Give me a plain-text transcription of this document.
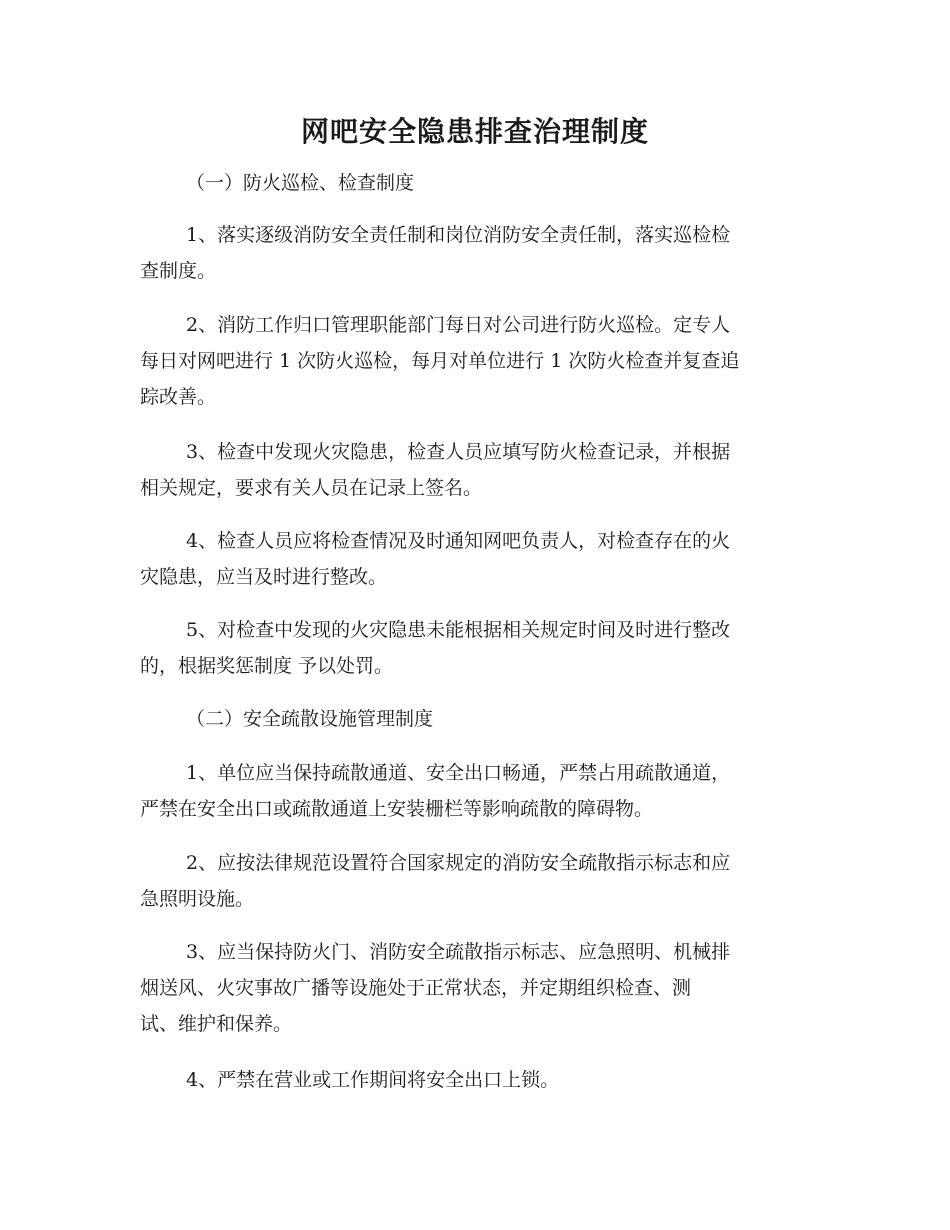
网吧安全隐患排查治理制度
（一）防火巡检、检查制度
1、落实逐级消防安全责任制和岗位消防安全责任制，落实巡检检
查制度。
2、消防工作归口管理职能部门每日对公司进行防火巡检。定专人
每日对网吧进行 1 次防火巡检，每月对单位进行 1 次防火检查并复查追
踪改善。
3、检查中发现火灾隐患，检查人员应填写防火检查记录，并根据
相关规定，要求有关人员在记录上签名。
4、检查人员应将检查情况及时通知网吧负责人，对检查存在的火
灾隐患，应当及时进行整改。
5、对检查中发现的火灾隐患未能根据相关规定时间及时进行整改
的，根据奖惩制度 予以处罚。
（二）安全疏散设施管理制度
1、单位应当保持疏散通道、安全出口畅通，严禁占用疏散通道，
严禁在安全出口或疏散通道上安装栅栏等影响疏散的障碍物。
2、应按法律规范设置符合国家规定的消防安全疏散指示标志和应
急照明设施。
3、应当保持防火门、消防安全疏散指示标志、应急照明、机械排
烟送风、火灾事故广播等设施处于正常状态，并定期组织检查、测
试、维护和保养。
4、严禁在营业或工作期间将安全出口上锁。
